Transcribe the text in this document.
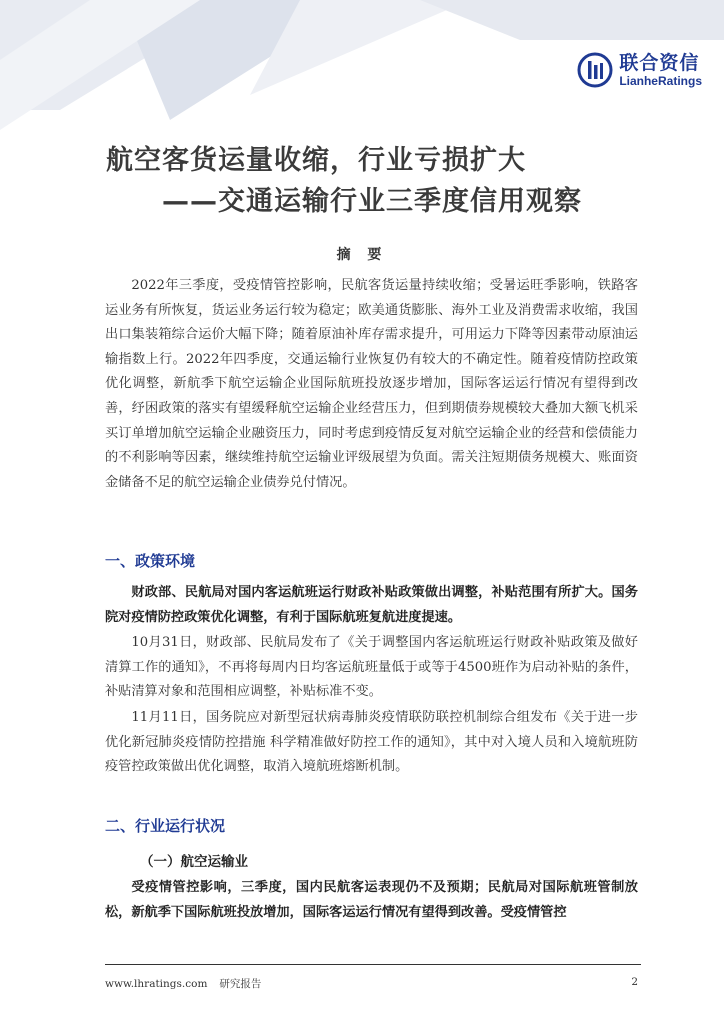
联合资信
LianheRatings
航空客货运量收缩，行业亏损扩大
——交通运输行业三季度信用观察
摘 要

2022年三季度，受疫情管控影响，民航客货运量持续收缩；受暑运旺季影响，铁路客运业务有所恢复，货运业务运行较为稳定；欧美通货膨胀、海外工业及消费需求收缩，我国出口集装箱综合运价大幅下降；随着原油补库存需求提升，可用运力下降等因素带动原油运输指数上行。2022年四季度，交通运输行业恢复仍有较大的不确定性。随着疫情防控政策优化调整，新航季下航空运输企业国际航班投放逐步增加，国际客运运行情况有望得到改善，纾困政策的落实有望缓释航空运输企业经营压力，但到期债券规模较大叠加大额飞机采买订单增加航空运输企业融资压力，同时考虑到疫情反复对航空运输企业的经营和偿债能力的不利影响等因素，继续维持航空运输业评级展望为负面。需关注短期债务规模大、账面资金储备不足的航空运输企业债券兑付情况。

一、政策环境

财政部、民航局对国内客运航班运行财政补贴政策做出调整，补贴范围有所扩大。国务院对疫情防控政策优化调整，有利于国际航班复航进度提速。

10月31日，财政部、民航局发布了《关于调整国内客运航班运行财政补贴政策及做好清算工作的通知》，不再将每周内日均客运航班量低于或等于4500班作为启动补贴的条件，补贴清算对象和范围相应调整，补贴标准不变。

11月11日，国务院应对新型冠状病毒肺炎疫情联防联控机制综合组发布《关于进一步优化新冠肺炎疫情防控措施 科学精准做好防控工作的通知》，其中对入境人员和入境航班防疫管控政策做出优化调整，取消入境航班熔断机制。

二、行业运行状况
（一）航空运输业

受疫情管控影响，三季度，国内民航客运表现仍不及预期；民航局对国际航班管制放松，新航季下国际航班投放增加，国际客运运行情况有望得到改善。受疫情管控

www.lhratings.com 研究报告	2
